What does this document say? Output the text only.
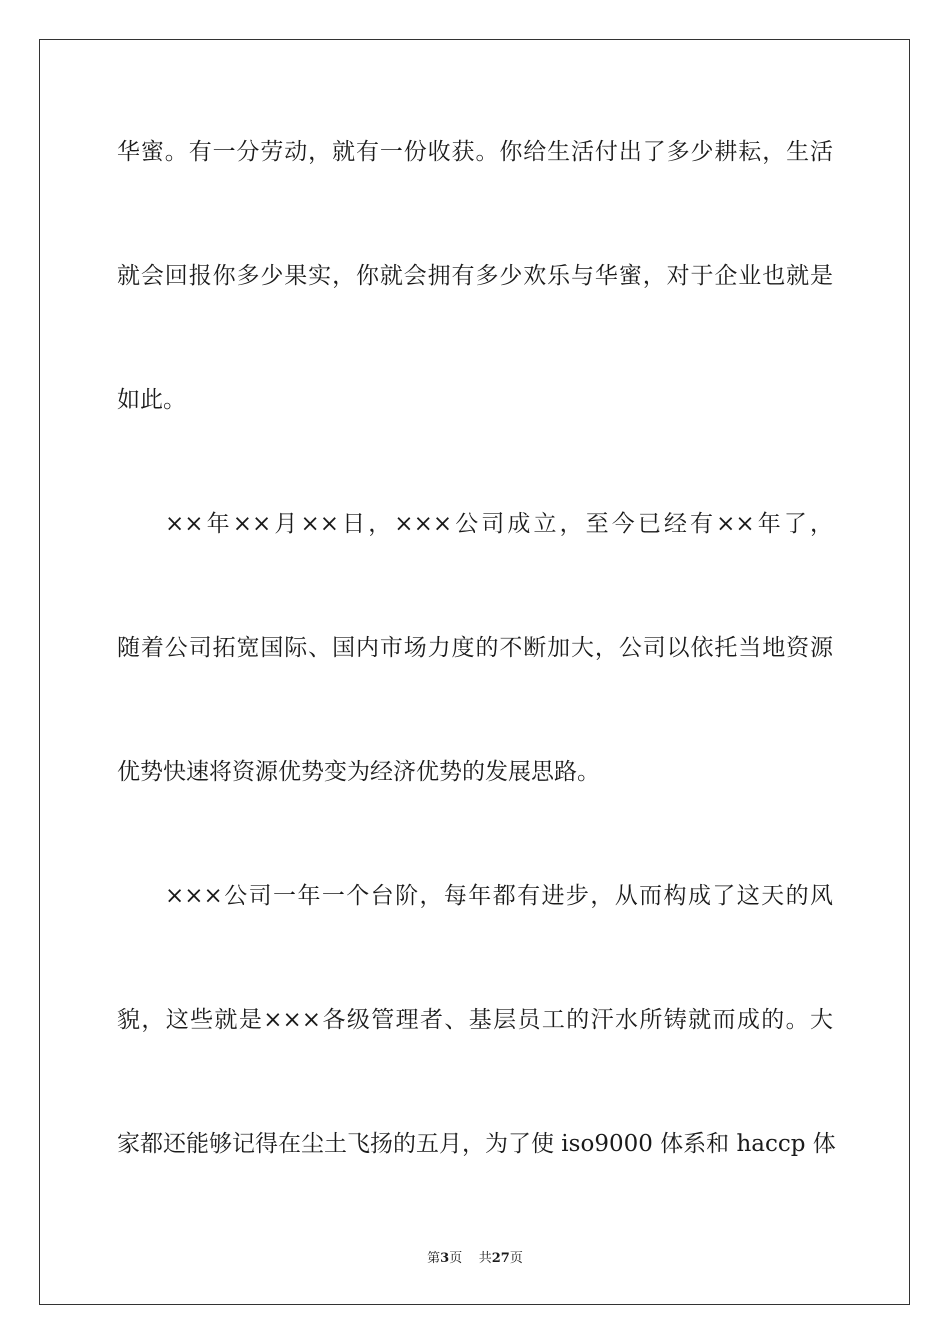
华蜜。有一分劳动，就有一份收获。你给生活付出了多少耕耘，生活
就会回报你多少果实，你就会拥有多少欢乐与华蜜，对于企业也就是
如此。
××年××月××日，×××公司成立，至今已经有××年了，
随着公司拓宽国际、国内市场力度的不断加大，公司以依托当地资源
优势快速将资源优势变为经济优势的发展思路。
×××公司一年一个台阶，每年都有进步，从而构成了这天的风
貌，这些就是×××各级管理者、基层员工的汗水所铸就而成的。大
家都还能够记得在尘土飞扬的五月，为了使 iso9000 体系和 haccp 体
第3页 共27页
